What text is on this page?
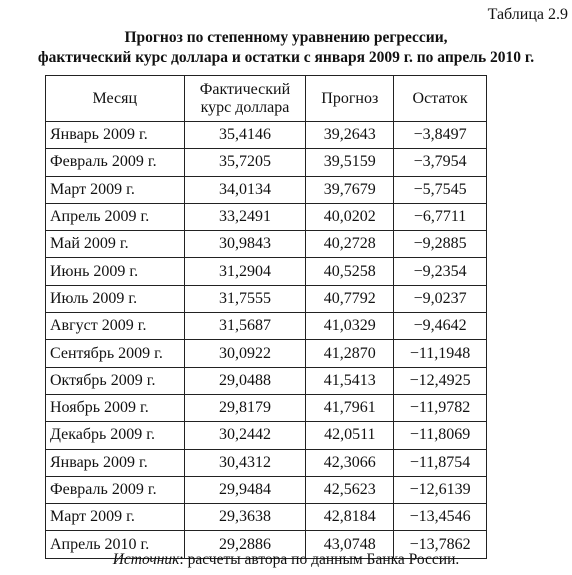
Таблица 2.9
Прогноз по степенному уравнению регрессии,
фактический курс доллара и остатки с января 2009 г. по апрель 2010 г.
Месяц	Фактический курс доллара	Прогноз	Остаток
Январь 2009 г.	35,4146	39,2643	−3,8497
Февраль 2009 г.	35,7205	39,5159	−3,7954
Март 2009 г.	34,0134	39,7679	−5,7545
Апрель 2009 г.	33,2491	40,0202	−6,7711
Май 2009 г.	30,9843	40,2728	−9,2885
Июнь 2009 г.	31,2904	40,5258	−9,2354
Июль 2009 г.	31,7555	40,7792	−9,0237
Август 2009 г.	31,5687	41,0329	−9,4642
Сентябрь 2009 г.	30,0922	41,2870	−11,1948
Октябрь 2009 г.	29,0488	41,5413	−12,4925
Ноябрь 2009 г.	29,8179	41,7961	−11,9782
Декабрь 2009 г.	30,2442	42,0511	−11,8069
Январь 2009 г.	30,4312	42,3066	−11,8754
Февраль 2009 г.	29,9484	42,5623	−12,6139
Март 2009 г.	29,3638	42,8184	−13,4546
Апрель 2010 г.	29,2886	43,0748	−13,7862
Источник: расчеты автора по данным Банка России.
